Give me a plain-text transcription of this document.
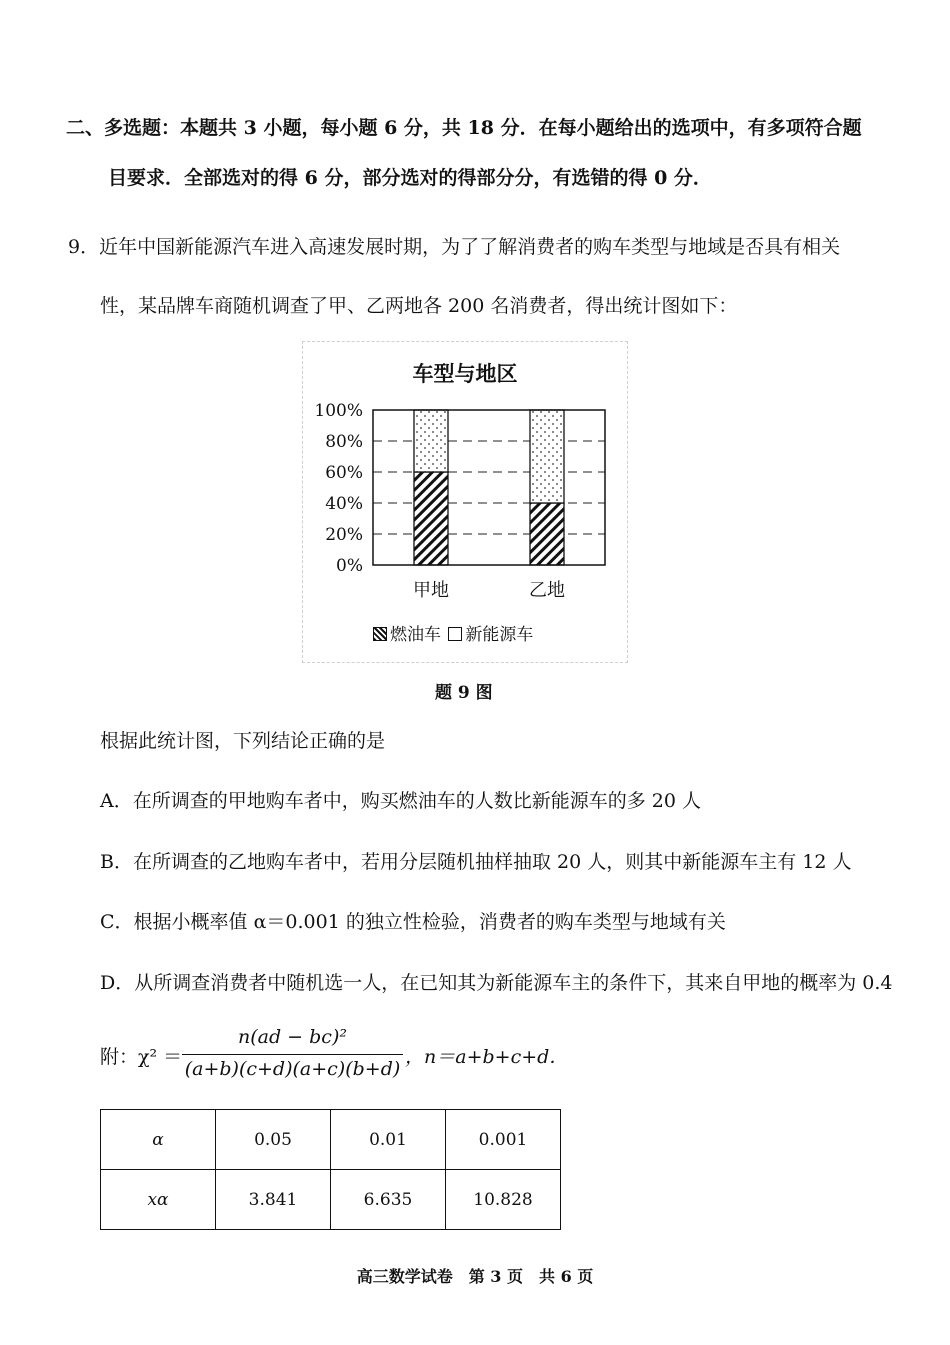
二、多选题：本题共 3 小题，每小题 6 分，共 18 分．在每小题给出的选项中，有多项符合题
目要求．全部选对的得 6 分，部分选对的得部分分，有选错的得 0 分．
9．近年中国新能源汽车进入高速发展时期，为了了解消费者的购车类型与地域是否具有相关
性，某品牌车商随机调查了甲、乙两地各 200 名消费者，得出统计图如下：
车型与地区
0%
20%
40%
60%
80%
100%
甲地	乙地
燃油车 新能源车
题 9 图
根据此统计图，下列结论正确的是
A．在所调查的甲地购车者中，购买燃油车的人数比新能源车的多 20 人
B．在所调查的乙地购车者中，若用分层随机抽样抽取 20 人，则其中新能源车主有 12 人
C．根据小概率值 α＝0.001 的独立性检验，消费者的购车类型与地域有关
D．从所调查消费者中随机选一人，在已知其为新能源车主的条件下，其来自甲地的概率为 0.4
附：χ² ＝
n(ad − bc)²
(a+b)(c+d)(a+c)(b+d)
，n＝a+b+c+d．
α	0.05	0.01	0.001
xα	3.841	6.635	10.828
高三数学试卷　第 3 页　共 6 页
